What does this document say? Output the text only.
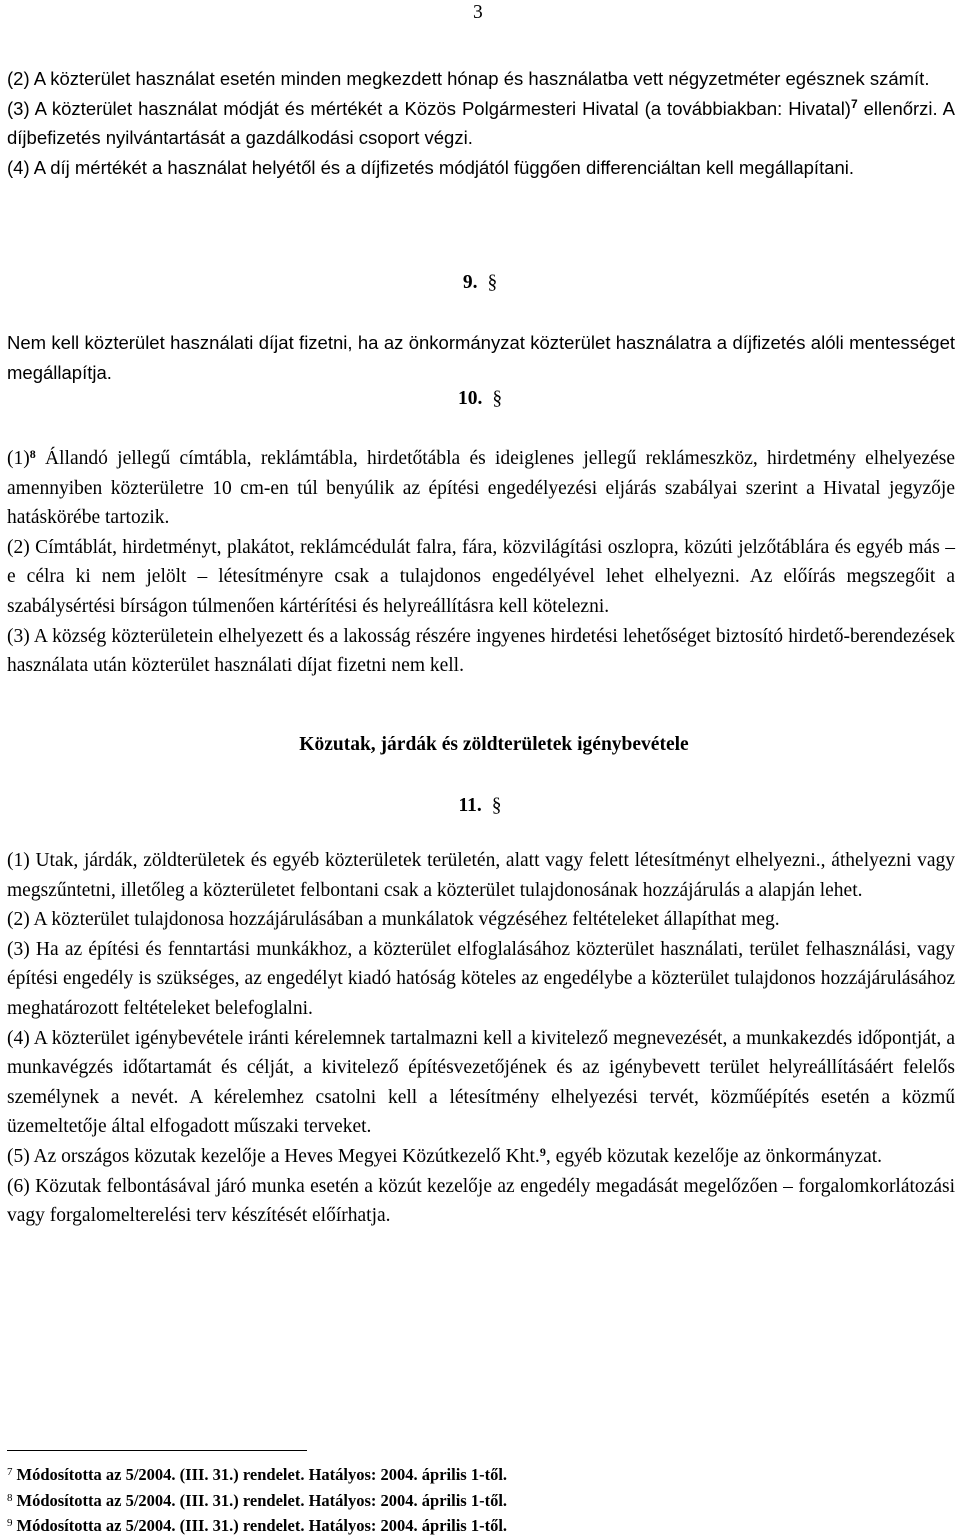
3

(2) A közterület használat esetén minden megkezdett hónap és használatba vett négyzetméter egésznek számít.

(3) A közterület használat módját és mértékét a Közös Polgármesteri Hivatal (a továbbiakban: Hivatal)$^7$ ellenőrzi. A díjbefizetés nyilvántartását a gazdálkodási csoport végzi.

(4) A díj mértékét a használat helyétől és a díjfizetés módjától függően differenciáltan kell megállapítani.

9. §

Nem kell közterület használati díjat fizetni, ha az önkormányzat közterület használatra a díjfizetés alóli mentességet megállapítja.

10. §

$(1)^8$ Állandó jellegű címtábla, reklámtábla, hirdetőtábla és ideiglenes jellegű reklámeszköz, hirdetmény elhelyezése amennyiben közterületre 10 cm-en túl benyúlik az építési engedélyezési eljárás szabályai szerint a Hivatal jegyzője hatáskörébe tartozik.

(2) Címtáblát, hirdetményt, plakátot, reklámcédulát falra, fára, közvilágítási oszlopra, közúti jelzőtáblára és egyéb más – e célra ki nem jelölt – létesítményre csak a tulajdonos engedélyével lehet elhelyezni. Az előírás megszegőit a szabálysértési bírságon túlmenően kártérítési és helyreállításra kell kötelezni.

(3) A község közterületein elhelyezett és a lakosság részére ingyenes hirdetési lehetőséget biztosító hirdető-berendezések használata után közterület használati díjat fizetni nem kell.

Közutak, járdák és zöldterületek igénybevétele
11. §

(1) Utak, járdák, zöldterületek és egyéb közterületek területén, alatt vagy felett létesítményt elhelyezni., áthelyezni vagy megszűntetni, illetőleg a közterületet felbontani csak a közterület tulajdonosának hozzájárulás a alapján lehet.

(2) A közterület tulajdonosa hozzájárulásában a munkálatok végzéséhez feltételeket állapíthat meg.

(3) Ha az építési és fenntartási munkákhoz, a közterület elfoglalásához közterület használati, terület felhasználási, vagy építési engedély is szükséges, az engedélyt kiadó hatóság köteles az engedélybe a közterület tulajdonos hozzájárulásához meghatározott feltételeket belefoglalni.

(4) A közterület igénybevétele iránti kérelemnek tartalmazni kell a kivitelező megnevezését, a munkakezdés időpontját, a munkavégzés időtartamát és célját, a kivitelező építésvezetőjének és az igénybevett terület helyreállításáért felelős személynek a nevét. A kérelemhez csatolni kell a létesítmény elhelyezési tervét, közműépítés esetén a közmű üzemeltetője által elfogadott műszaki terveket.

(5) Az országos közutak kezelője a Heves Megyei Közútkezelő Kht.$^9$, egyéb közutak kezelője az önkormányzat.

(6) Közutak felbontásával járó munka esetén a közút kezelője az engedély megadását megelőzően – forgalomkorlátozási vagy forgalomelterelési terv készítését előírhatja.

$^7$ Módosította az 5/2004. (III. 31.) rendelet. Hatályos: 2004. április 1-től.
$^8$ Módosította az 5/2004. (III. 31.) rendelet. Hatályos: 2004. április 1-től.
$^9$ Módosította az 5/2004. (III. 31.) rendelet. Hatályos: 2004. április 1-től.
